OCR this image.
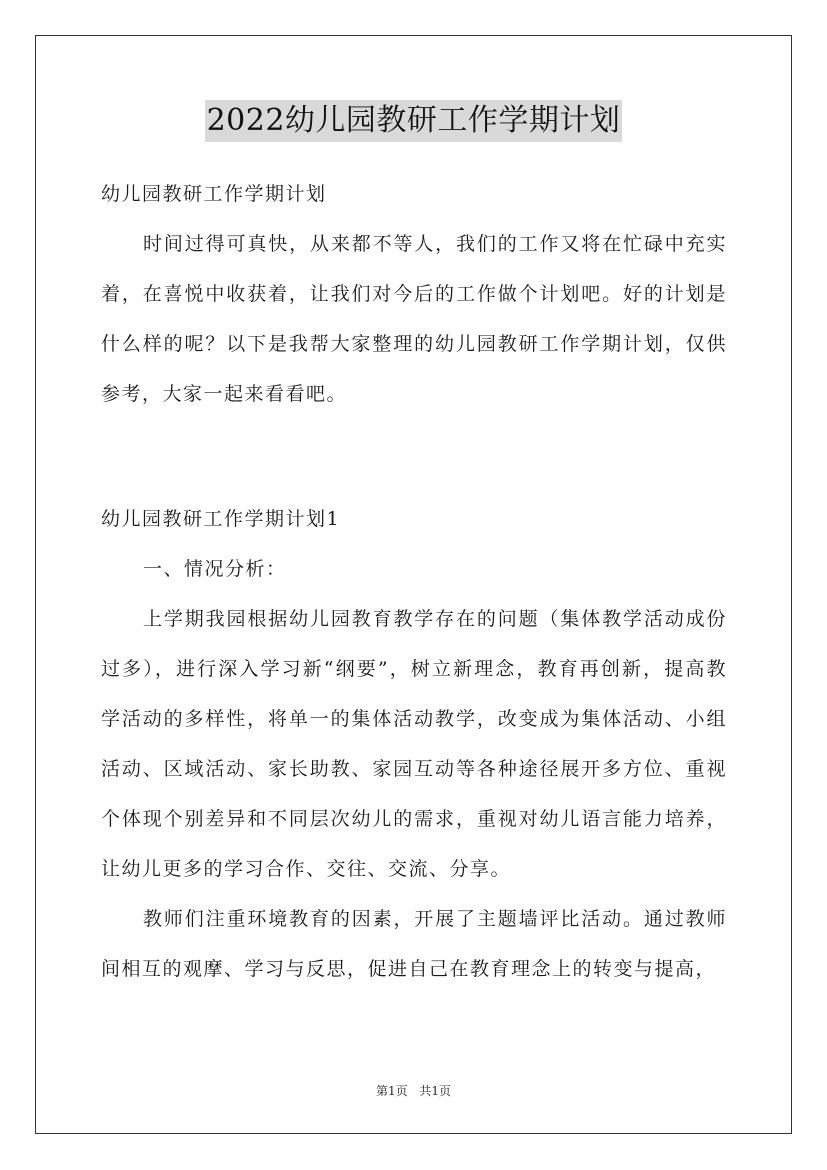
2022幼儿园教研工作学期计划

幼儿园教研工作学期计划

时间过得可真快，从来都不等人，我们的工作又将在忙碌中充实着，在喜悦中收获着，让我们对今后的工作做个计划吧。好的计划是什么样的呢？以下是我帮大家整理的幼儿园教研工作学期计划，仅供参考，大家一起来看看吧。

幼儿园教研工作学期计划1

一、情况分析：

上学期我园根据幼儿园教育教学存在的问题（集体教学活动成份过多），进行深入学习新“纲要”，树立新理念，教育再创新，提高教学活动的多样性，将单一的集体活动教学，改变成为集体活动、小组活动、区域活动、家长助教、家园互动等各种途径展开多方位、重视个体现个别差异和不同层次幼儿的需求，重视对幼儿语言能力培养，让幼儿更多的学习合作、交往、交流、分享。

教师们注重环境教育的因素，开展了主题墙评比活动。通过教师间相互的观摩、学习与反思，促进自己在教育理念上的转变与提高，

第1页 共1页
